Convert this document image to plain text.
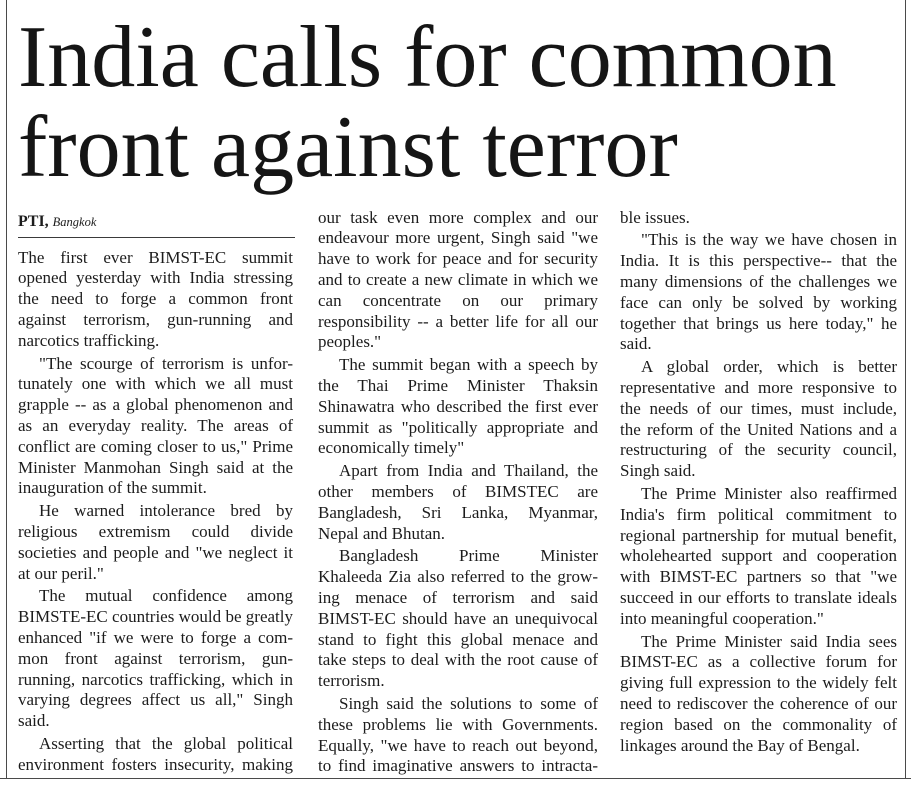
India calls for common front against terror
PTI, Bangkok
The first ever BIMST-EC summit
opened yesterday with India stressing
the need to forge a common front
against terrorism, gun-running and
narcotics trafficking.
"The scourge of terrorism is unfor-
tunately one with which we all must
grapple -- as a global phenomenon and
as an everyday reality. The areas of
conflict are coming closer to us," Prime
Minister Manmohan Singh said at the
inauguration of the summit.
He warned intolerance bred by
religious extremism could divide
societies and people and "we neglect it
at our peril."
The mutual confidence among
BIMSTE-EC countries would be greatly
enhanced "if we were to forge a com-
mon front against terrorism, gun-
running, narcotics trafficking, which in
varying degrees affect us all," Singh
said.
Asserting that the global political
environment fosters insecurity, making
our task even more complex and our
endeavour more urgent, Singh said "we
have to work for peace and for security
and to create a new climate in which we
can concentrate on our primary
responsibility -- a better life for all our
peoples."
The summit began with a speech by
the Thai Prime Minister Thaksin
Shinawatra who described the first ever
summit as "politically appropriate and
economically timely"
Apart from India and Thailand, the
other members of BIMSTEC are
Bangladesh, Sri Lanka, Myanmar,
Nepal and Bhutan.
Bangladesh Prime Minister
Khaleeda Zia also referred to the grow-
ing menace of terrorism and said
BIMST-EC should have an unequivocal
stand to fight this global menace and
take steps to deal with the root cause of
terrorism.
Singh said the solutions to some of
these problems lie with Governments.
Equally, "we have to reach out beyond,
to find imaginative answers to intracta-
ble issues.
"This is the way we have chosen in
India. It is this perspective-- that the
many dimensions of the challenges we
face can only be solved by working
together that brings us here today," he
said.
A global order, which is better
representative and more responsive to
the needs of our times, must include,
the reform of the United Nations and a
restructuring of the security council,
Singh said.
The Prime Minister also reaffirmed
India's firm political commitment to
regional partnership for mutual benefit,
wholehearted support and cooperation
with BIMST-EC partners so that "we
succeed in our efforts to translate ideals
into meaningful cooperation."
The Prime Minister said India sees
BIMST-EC as a collective forum for
giving full expression to the widely felt
need to rediscover the coherence of our
region based on the commonality of
linkages around the Bay of Bengal.
